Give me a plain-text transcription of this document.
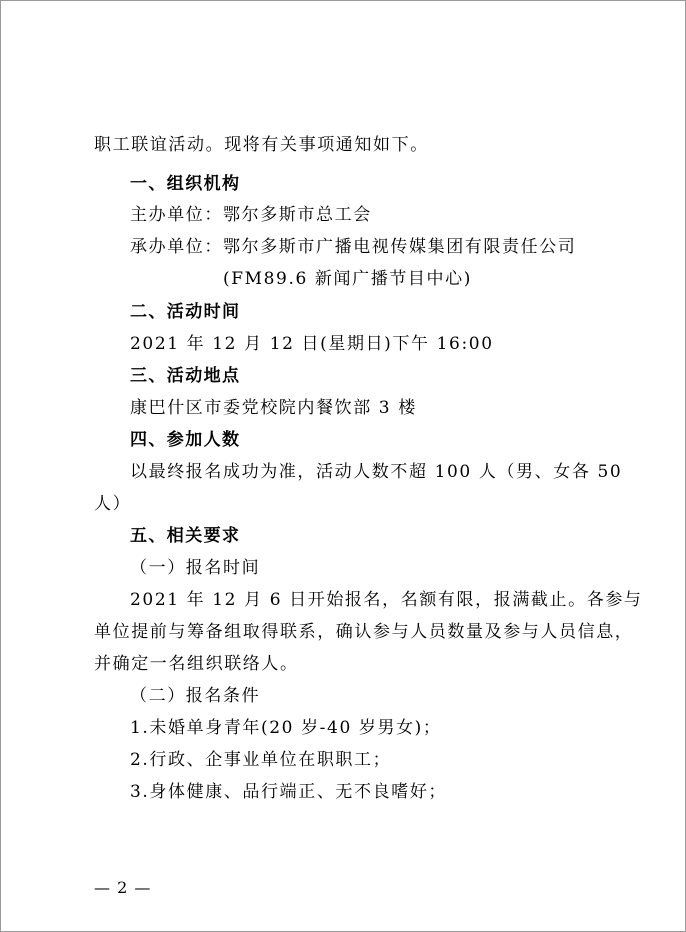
职工联谊活动。现将有关事项通知如下。
一、组织机构
主办单位：鄂尔多斯市总工会
承办单位：鄂尔多斯市广播电视传媒集团有限责任公司
(FM89.6 新闻广播节目中心)
二、活动时间
2021 年 12 月 12 日(星期日)下午 16:00
三、活动地点
康巴什区市委党校院内餐饮部 3 楼
四、参加人数
以最终报名成功为准，活动人数不超 100 人（男、女各 50
人）
五、相关要求
（一）报名时间
2021 年 12 月 6 日开始报名，名额有限，报满截止。各参与
单位提前与筹备组取得联系，确认参与人员数量及参与人员信息，
并确定一名组织联络人。
（二）报名条件
1.未婚单身青年(20 岁-40 岁男女)；
2.行政、企事业单位在职职工；
3.身体健康、品行端正、无不良嗜好；
— 2 —
